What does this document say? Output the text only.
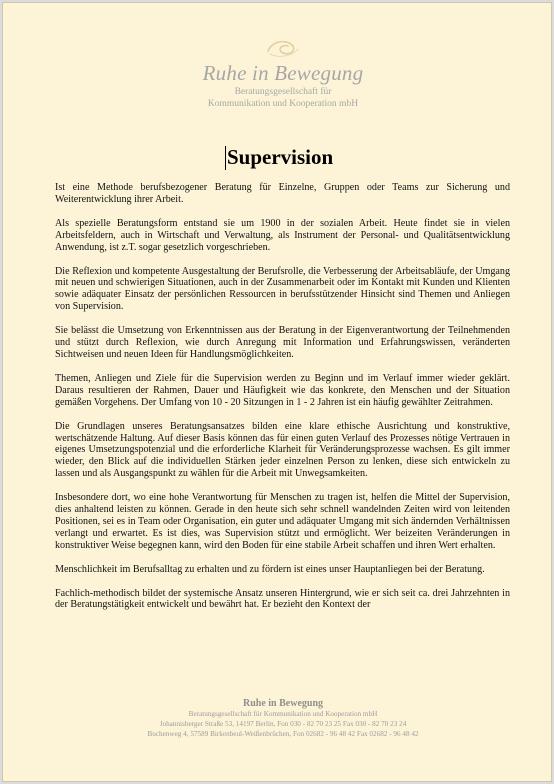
Ruhe in Bewegung
Beratungsgesellschaft für
Kommunikation und Kooperation mbH
Supervision

Ist eine Methode berufsbezogener Beratung für Einzelne, Gruppen oder Teams zur Sicherung und Weiterentwicklung ihrer Arbeit.

Als spezielle Beratungsform entstand sie um 1900 in der sozialen Arbeit. Heute findet sie in vielen Arbeitsfeldern, auch in Wirtschaft und Verwaltung, als Instrument der Personal- und Qualitätsentwicklung Anwendung, ist z.T. sogar gesetzlich vorgeschrieben.

Die Reflexion und kompetente Ausgestaltung der Berufsrolle, die Verbesserung der Arbeitsabläufe, der Umgang mit neuen und schwierigen Situationen, auch in der Zusammenarbeit oder im Kontakt mit Kunden und Klienten sowie adäquater Einsatz der persönlichen Ressourcen in berufsstützender Hinsicht sind Themen und Anliegen von Supervision.

Sie belässt die Umsetzung von Erkenntnissen aus der Beratung in der Eigenverantwortung der Teilnehmenden und stützt durch Reflexion, wie durch Anregung mit Information und Erfahrungswissen, veränderten Sichtweisen und neuen Ideen für Handlungsmöglichkeiten.

Themen, Anliegen und Ziele für die Supervision werden zu Beginn und im Verlauf immer wieder geklärt. Daraus resultieren der Rahmen, Dauer und Häufigkeit wie das konkrete, den Menschen und der Situation gemäßen Vorgehens. Der Umfang von 10 - 20 Sitzungen in 1 - 2 Jahren ist ein häufig gewählter Zeitrahmen.

Die Grundlagen unseres Beratungsansatzes bilden eine klare ethische Ausrichtung und konstruktive, wertschätzende Haltung. Auf dieser Basis können das für einen guten Verlauf des Prozesses nötige Vertrauen in eigenes Umsetzungspotenzial und die erforderliche Klarheit für Veränderungsprozesse wachsen. Es gilt immer wieder, den Blick auf die individuellen Stärken jeder einzelnen Person zu lenken, diese sich entwickeln zu lassen und als Ausgangspunkt zu wählen für die Arbeit mit Unwegsamkeiten.

Insbesondere dort, wo eine hohe Verantwortung für Menschen zu tragen ist, helfen die Mittel der Supervision, dies anhaltend leisten zu können. Gerade in den heute sich sehr schnell wandelnden Zeiten wird von leitenden Positionen, sei es in Team oder Organisation, ein guter und adäquater Umgang mit sich ändernden Verhältnissen verlangt und erwartet. Es ist dies, was Supervision stützt und ermöglicht. Wer beizeiten Veränderungen in konstruktiver Weise begegnen kann, wird den Boden für eine stabile Arbeit schaffen und ihren Wert erhalten.

Menschlichkeit im Berufsalltag zu erhalten und zu fördern ist eines unser Hauptanliegen bei der Beratung.

Fachlich-methodisch bildet der systemische Ansatz unseren Hintergrund, wie er sich seit ca. drei Jahrzehnten in der Beratungstätigkeit entwickelt und bewährt hat. Er bezieht den Kontext der

Ruhe in Bewegung
Beratungsgesellschaft für Kommunikation und Kooperation mbH
Johannisberger Straße 53, 14197 Berlin, Fon 030 - 82 70 23 25 Fax 030 - 82 70 23 24
Buchenweg 4, 57589 Birkenbeul-Weißenbrüchen, Fon 02682 - 96 48 42 Fax 02682 - 96 48 42
